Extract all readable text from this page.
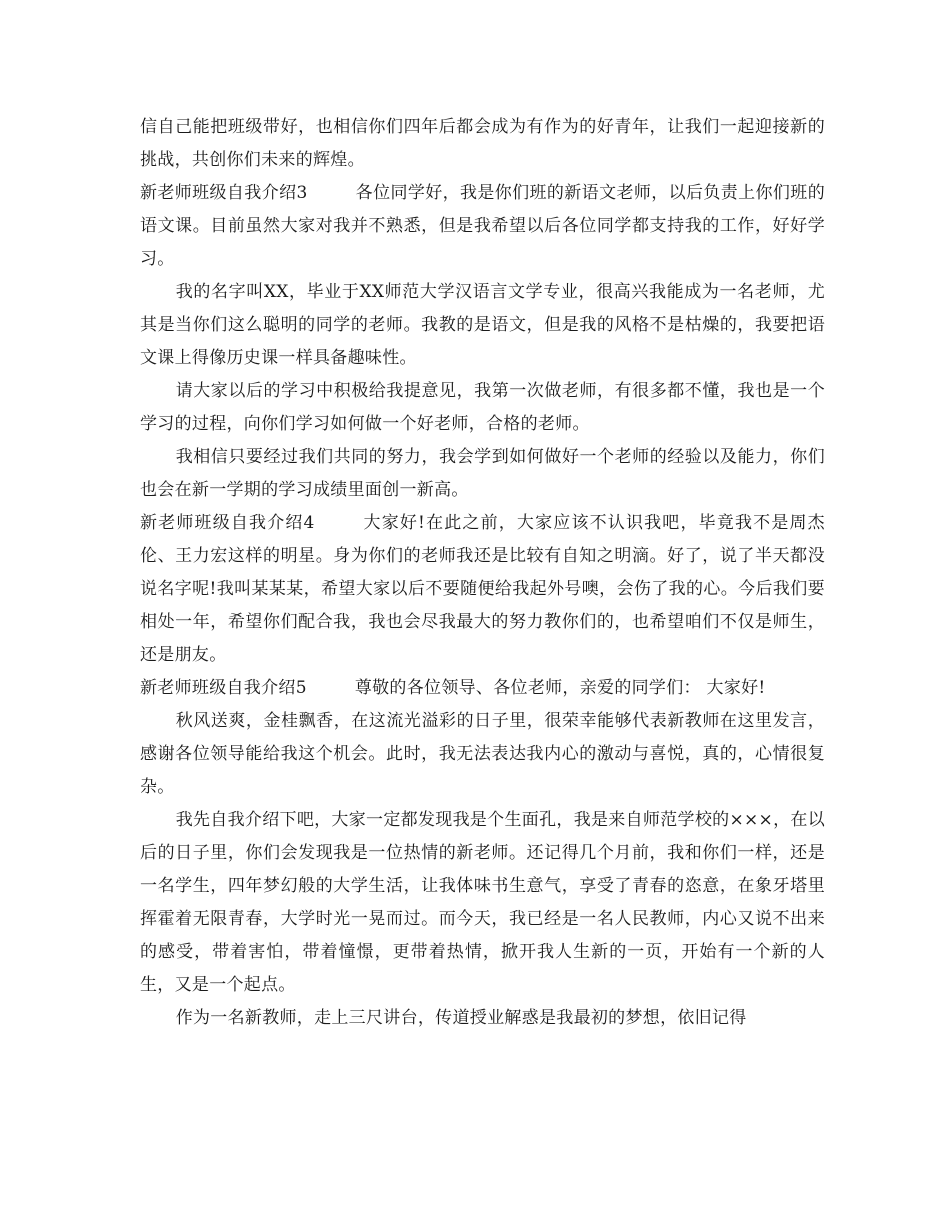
信自己能把班级带好，也相信你们四年后都会成为有作为的好青年，让我们一起迎接新的挑战，共创你们未来的辉煌。

新老师班级自我介绍3	各位同学好，我是你们班的新语文老师，以后负责上你们班的语文课。目前虽然大家对我并不熟悉，但是我希望以后各位同学都支持我的工作，好好学习。

我的名字叫XX，毕业于XX师范大学汉语言文学专业，很高兴我能成为一名老师，尤其是当你们这么聪明的同学的老师。我教的是语文，但是我的风格不是枯燥的，我要把语文课上得像历史课一样具备趣味性。

请大家以后的学习中积极给我提意见，我第一次做老师，有很多都不懂，我也是一个学习的过程，向你们学习如何做一个好老师，合格的老师。

我相信只要经过我们共同的努力，我会学到如何做好一个老师的经验以及能力，你们也会在新一学期的学习成绩里面创一新高。

新老师班级自我介绍4	大家好!在此之前，大家应该不认识我吧，毕竟我不是周杰伦、王力宏这样的明星。身为你们的老师我还是比较有自知之明滴。好了，说了半天都没说名字呢!我叫某某某，希望大家以后不要随便给我起外号噢，会伤了我的心。今后我们要相处一年，希望你们配合我，我也会尽我最大的努力教你们的，也希望咱们不仅是师生，还是朋友。

新老师班级自我介绍5	尊敬的各位领导、各位老师，亲爱的同学们： 大家好!

秋风送爽，金桂飘香，在这流光溢彩的日子里，很荣幸能够代表新教师在这里发言，感谢各位领导能给我这个机会。此时，我无法表达我内心的激动与喜悦，真的，心情很复杂。

我先自我介绍下吧，大家一定都发现我是个生面孔，我是来自师范学校的×××，在以后的日子里，你们会发现我是一位热情的新老师。还记得几个月前，我和你们一样，还是一名学生，四年梦幻般的大学生活，让我体味书生意气，享受了青春的恣意，在象牙塔里挥霍着无限青春，大学时光一晃而过。而今天，我已经是一名人民教师，内心又说不出来的感受，带着害怕，带着憧憬，更带着热情，掀开我人生新的一页，开始有一个新的人生，又是一个起点。

作为一名新教师，走上三尺讲台，传道授业解惑是我最初的梦想，依旧记得
